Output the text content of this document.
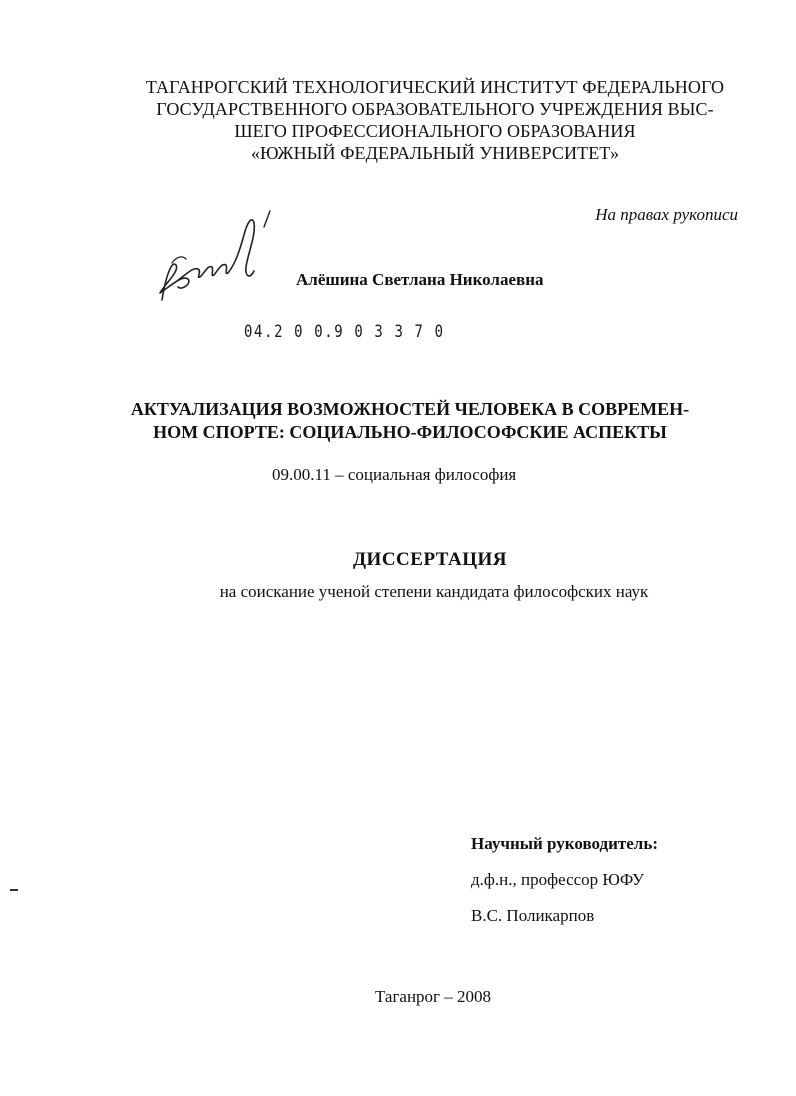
ТАГАНРОГСКИЙ ТЕХНОЛОГИЧЕСКИЙ ИНСТИТУТ ФЕДЕРАЛЬНОГО
ГОСУДАРСТВЕННОГО ОБРАЗОВАТЕЛЬНОГО УЧРЕЖДЕНИЯ ВЫС-
ШЕГО ПРОФЕССИОНАЛЬНОГО ОБРАЗОВАНИЯ
«ЮЖНЫЙ ФЕДЕРАЛЬНЫЙ УНИВЕРСИТЕТ»
На правах рукописи
Алёшина Светлана Николаевна
04.2 0 0.9 0 3 3 7 0
АКТУАЛИЗАЦИЯ ВОЗМОЖНОСТЕЙ ЧЕЛОВЕКА В СОВРЕМЕН-
НОМ СПОРТЕ: СОЦИАЛЬНО-ФИЛОСОФСКИЕ АСПЕКТЫ
09.00.11 – социальная философия
ДИССЕРТАЦИЯ
на соискание ученой степени кандидата философских наук
Научный руководитель:
д.ф.н., профессор ЮФУ
В.С. Поликарпов
Таганрог – 2008
